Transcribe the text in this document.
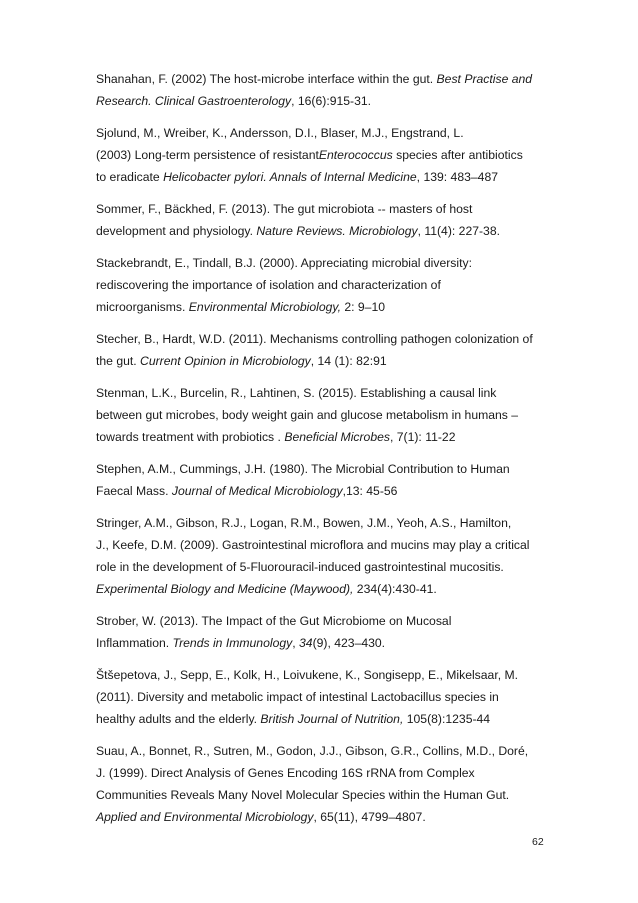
Shanahan, F. (2002) The host-microbe interface within the gut. Best Practise and
Research. Clinical Gastroenterology, 16(6):915-31.
Sjolund, M., Wreiber, K., Andersson, D.I., Blaser, M.J., Engstrand, L.
(2003) Long-term persistence of resistantEnterococcus species after antibiotics
to eradicate Helicobacter pylori. Annals of Internal Medicine, 139: 483–487
Sommer, F., Bäckhed, F. (2013). The gut microbiota -- masters of host
development and physiology. Nature Reviews. Microbiology, 11(4): 227-38.
Stackebrandt, E., Tindall, B.J. (2000). Appreciating microbial diversity:
rediscovering the importance of isolation and characterization of
microorganisms. Environmental Microbiology, 2: 9–10
Stecher, B., Hardt, W.D. (2011). Mechanisms controlling pathogen colonization of
the gut. Current Opinion in Microbiology, 14 (1): 82:91
Stenman, L.K., Burcelin, R., Lahtinen, S. (2015). Establishing a causal link
between gut microbes, body weight gain and glucose metabolism in humans –
towards treatment with probiotics . Beneficial Microbes, 7(1): 11-22
Stephen, A.M., Cummings, J.H. (1980). The Microbial Contribution to Human
Faecal Mass. Journal of Medical Microbiology,13: 45-56
Stringer, A.M., Gibson, R.J., Logan, R.M., Bowen, J.M., Yeoh, A.S., Hamilton,
J., Keefe, D.M. (2009). Gastrointestinal microflora and mucins may play a critical
role in the development of 5-Fluorouracil-induced gastrointestinal mucositis.
Experimental Biology and Medicine (Maywood), 234(4):430-41.
Strober, W. (2013). The Impact of the Gut Microbiome on Mucosal
Inflammation. Trends in Immunology, 34(9), 423–430.
Štšepetova, J., Sepp, E., Kolk, H., Loivukene, K., Songisepp, E., Mikelsaar, M.
(2011). Diversity and metabolic impact of intestinal Lactobacillus species in
healthy adults and the elderly. British Journal of Nutrition, 105(8):1235-44
Suau, A., Bonnet, R., Sutren, M., Godon, J.J., Gibson, G.R., Collins, M.D., Doré,
J. (1999). Direct Analysis of Genes Encoding 16S rRNA from Complex
Communities Reveals Many Novel Molecular Species within the Human Gut.
Applied and Environmental Microbiology, 65(11), 4799–4807.
62
